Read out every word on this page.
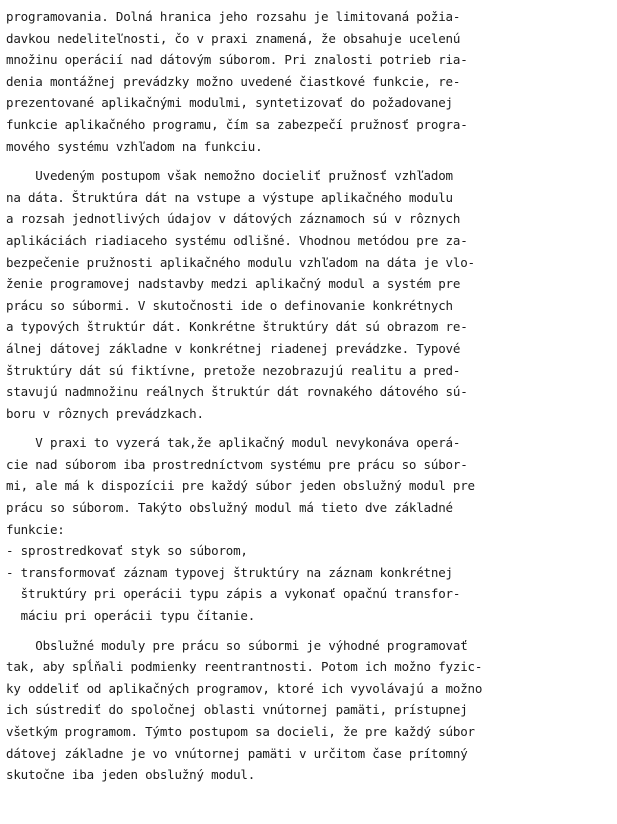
programovania. Dolná hranica jeho rozsahu je limitovaná požia-
davkou nedeliteľnosti, čo v praxi znamená, že obsahuje ucelenú
množinu operácií nad dátovým súborom. Pri znalosti potrieb ria-
denia montážnej prevádzky možno uvedené čiastkové funkcie, re-
prezentované aplikačnými modulmi, syntetizovať do požadovanej
funkcie aplikačného programu, čím sa zabezpečí pružnosť progra-
mového systému vzhľadom na funkciu.
Uvedeným postupom však nemožno docieliť pružnosť vzhľadom
na dáta. Štruktúra dát na vstupe a výstupe aplikačného modulu
a rozsah jednotlivých údajov v dátových záznamoch sú v rôznych
aplikáciách riadiaceho systému odlišné. Vhodnou metódou pre za-
bezpečenie pružnosti aplikačného modulu vzhľadom na dáta je vlo-
ženie programovej nadstavby medzi aplikačný modul a systém pre
prácu so súbormi. V skutočnosti ide o definovanie konkrétnych
a typových štruktúr dát. Konkrétne štruktúry dát sú obrazom re-
álnej dátovej základne v konkrétnej riadenej prevádzke. Typové
štruktúry dát sú fiktívne, pretože nezobrazujú realitu a pred-
stavujú nadmnožinu reálnych štruktúr dát rovnakého dátového sú-
boru v rôznych prevádzkach.
V praxi to vyzerá tak,že aplikačný modul nevykonáva operá-
cie nad súborom iba prostredníctvom systému pre prácu so súbor-
mi, ale má k dispozícii pre každý súbor jeden obslužný modul pre
prácu so súborom. Takýto obslužný modul má tieto dve základné
funkcie:
- sprostredkovať styk so súborom,
- transformovať záznam typovej štruktúry na záznam konkrétnej
štruktúry pri operácii typu zápis a vykonať opačnú transfor-
máciu pri operácii typu čítanie.
Obslužné moduly pre prácu so súbormi je výhodné programovať
tak, aby spĺňali podmienky reentrantnosti. Potom ich možno fyzic-
ky oddeliť od aplikačných programov, ktoré ich vyvolávajú a možno
ich sústrediť do spoločnej oblasti vnútornej pamäti, prístupnej
všetkým programom. Týmto postupom sa docieli, že pre každý súbor
dátovej základne je vo vnútornej pamäti v určitom čase prítomný
skutočne iba jeden obslužný modul.
